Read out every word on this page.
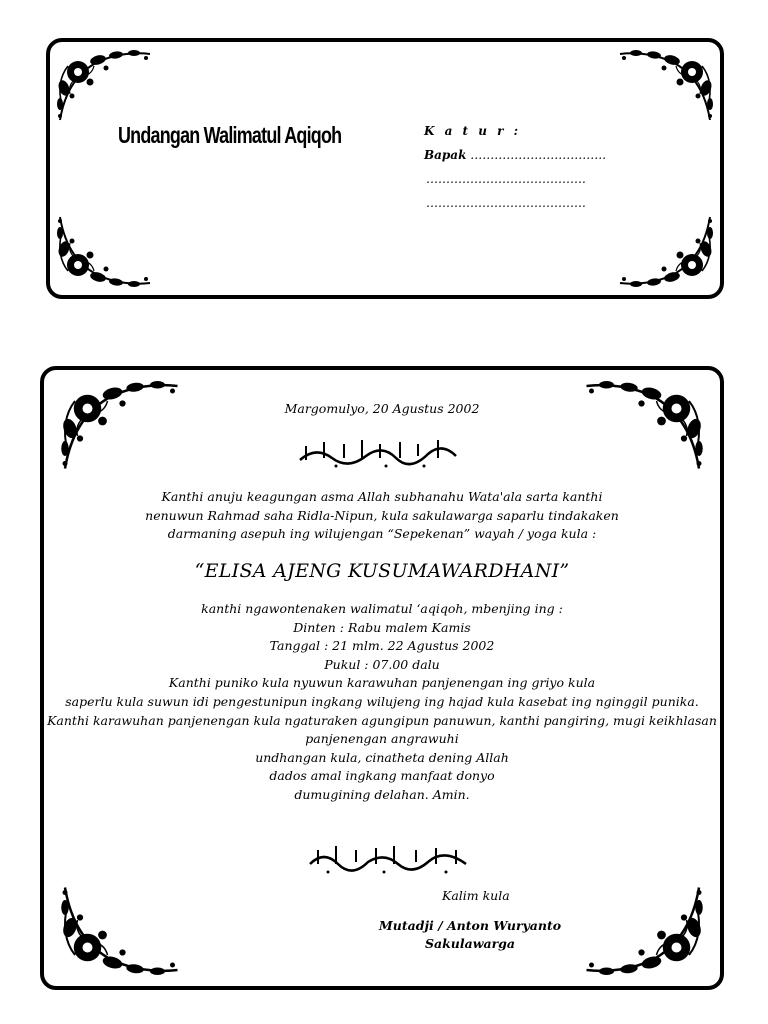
Undangan Walimatul Aqiqoh	K a t u r :
Bapak …………………………….
………………………………….
………………………………….
Margomulyo, 20 Agustus 2002
Kanthi anuju keagungan asma Allah subhanahu Wata'ala sarta kanthi
nenuwun Rahmad saha Ridla-Nipun, kula sakulawarga saparlu tindakaken
darmaning asepuh ing wilujengan “Sepekenan” wayah / yoga kula :
“ELISA AJENG KUSUMAWARDHANI”
kanthi ngawontenaken walimatul ‘aqiqoh, mbenjing ing :
Dinten : Rabu malem Kamis
Tanggal : 21 mlm. 22 Agustus 2002
Pukul : 07.00 dalu
Kanthi puniko kula nyuwun karawuhan panjenengan ing griyo kula
saperlu kula suwun idi pengestunipun ingkang wilujeng ing hajad kula kasebat ing nginggil punika.
Kanthi karawuhan panjenengan kula ngaturaken agungipun panuwun, kanthi pangiring, mugi keikhlasan
panjenengan angrawuhi
undhangan kula, cinatheta dening Allah
dados amal ingkang manfaat donyo
dumugining delahan. Amin.
Kalim kula
Mutadji / Anton Wuryanto
Sakulawarga
